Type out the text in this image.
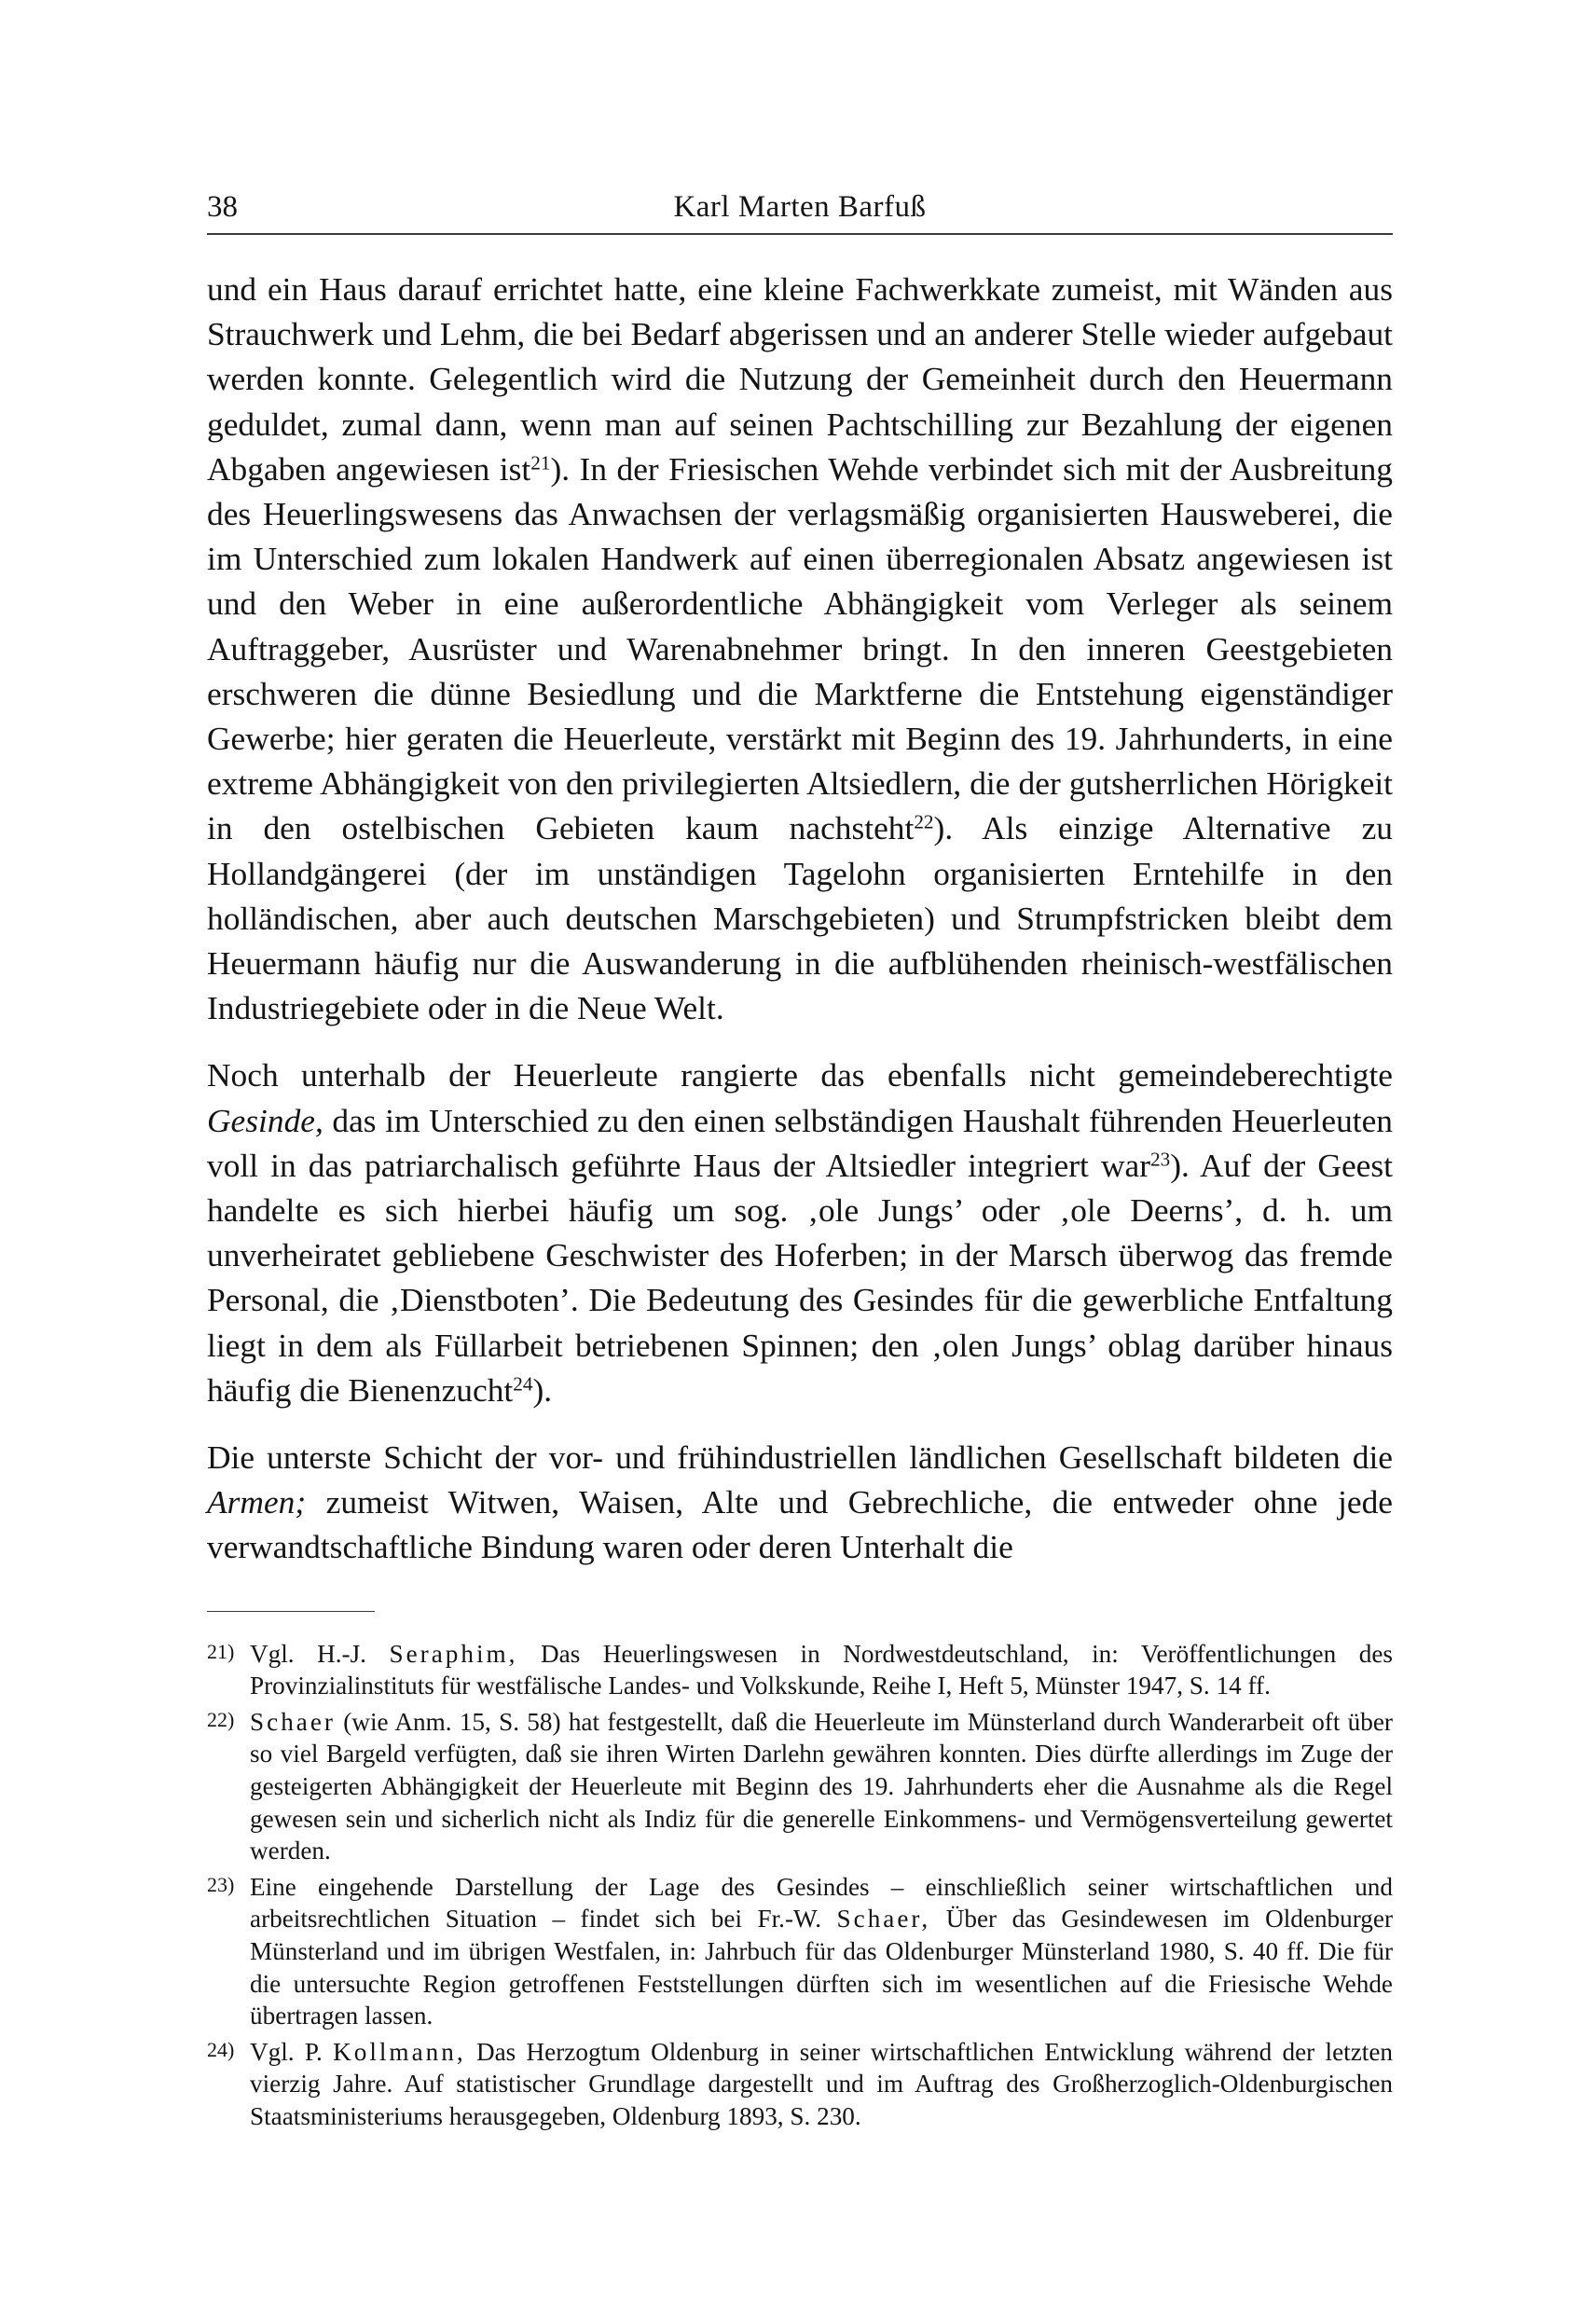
38	Karl Marten Barfuß

und ein Haus darauf errichtet hatte, eine kleine Fachwerkkate zumeist, mit Wänden aus Strauchwerk und Lehm, die bei Bedarf abgerissen und an anderer Stelle wieder aufgebaut werden konnte. Gelegentlich wird die Nutzung der Gemeinheit durch den Heuermann geduldet, zumal dann, wenn man auf seinen Pachtschilling zur Bezahlung der eigenen Abgaben angewiesen ist$^{21}$). In der Friesischen Wehde verbindet sich mit der Ausbreitung des Heuerlingswesens das Anwachsen der verlagsmäßig organisierten Hausweberei, die im Unterschied zum lokalen Handwerk auf einen überregionalen Absatz angewiesen ist und den Weber in eine außerordentliche Abhängigkeit vom Verleger als seinem Auftraggeber, Ausrüster und Warenabnehmer bringt. In den inneren Geestgebieten erschweren die dünne Besiedlung und die Marktferne die Entstehung eigenständiger Gewerbe; hier geraten die Heuerleute, verstärkt mit Beginn des 19. Jahrhunderts, in eine extreme Abhängigkeit von den privilegierten Altsiedlern, die der gutsherrlichen Hörigkeit in den ostelbischen Gebieten kaum nachsteht$^{22}$). Als einzige Alternative zu Hollandgängerei (der im unständigen Tagelohn organisierten Erntehilfe in den holländischen, aber auch deutschen Marschgebieten) und Strumpfstricken bleibt dem Heuermann häufig nur die Auswanderung in die aufblühenden rheinisch-westfälischen Industriegebiete oder in die Neue Welt.

Noch unterhalb der Heuerleute rangierte das ebenfalls nicht gemeindeberechtigte Gesinde, das im Unterschied zu den einen selbständigen Haushalt führenden Heuerleuten voll in das patriarchalisch geführte Haus der Altsiedler integriert war$^{23}$). Auf der Geest handelte es sich hierbei häufig um sog. ‚ole Jungs’ oder ‚ole Deerns’, d. h. um unverheiratet gebliebene Geschwister des Hoferben; in der Marsch überwog das fremde Personal, die ‚Dienstboten’. Die Bedeutung des Gesindes für die gewerbliche Entfaltung liegt in dem als Füllarbeit betriebenen Spinnen; den ‚olen Jungs’ oblag darüber hinaus häufig die Bienenzucht$^{24}$).

Die unterste Schicht der vor- und frühindustriellen ländlichen Gesellschaft bildeten die Armen; zumeist Witwen, Waisen, Alte und Gebrechliche, die entweder ohne jede verwandtschaftliche Bindung waren oder deren Unterhalt die

21) Vgl. H.-J. Seraphim, Das Heuerlingswesen in Nordwestdeutschland, in: Veröffentlichungen des Provinzialinstituts für westfälische Landes- und Volkskunde, Reihe I, Heft 5, Münster 1947, S. 14 ff.
22) Schaer (wie Anm. 15, S. 58) hat festgestellt, daß die Heuerleute im Münsterland durch Wanderarbeit oft über so viel Bargeld verfügten, daß sie ihren Wirten Darlehn gewähren konnten. Dies dürfte allerdings im Zuge der gesteigerten Abhängigkeit der Heuerleute mit Beginn des 19. Jahrhunderts eher die Ausnahme als die Regel gewesen sein und sicherlich nicht als Indiz für die generelle Einkommens- und Vermögensverteilung gewertet werden.
23) Eine eingehende Darstellung der Lage des Gesindes – einschließlich seiner wirtschaftlichen und arbeitsrechtlichen Situation – findet sich bei Fr.-W. Schaer, Über das Gesindewesen im Oldenburger Münsterland und im übrigen Westfalen, in: Jahrbuch für das Oldenburger Münsterland 1980, S. 40 ff. Die für die untersuchte Region getroffenen Feststellungen dürften sich im wesentlichen auf die Friesische Wehde übertragen lassen.
24) Vgl. P. Kollmann, Das Herzogtum Oldenburg in seiner wirtschaftlichen Entwicklung während der letzten vierzig Jahre. Auf statistischer Grundlage dargestellt und im Auftrag des Großherzoglich-Oldenburgischen Staatsministeriums herausgegeben, Oldenburg 1893, S. 230.
